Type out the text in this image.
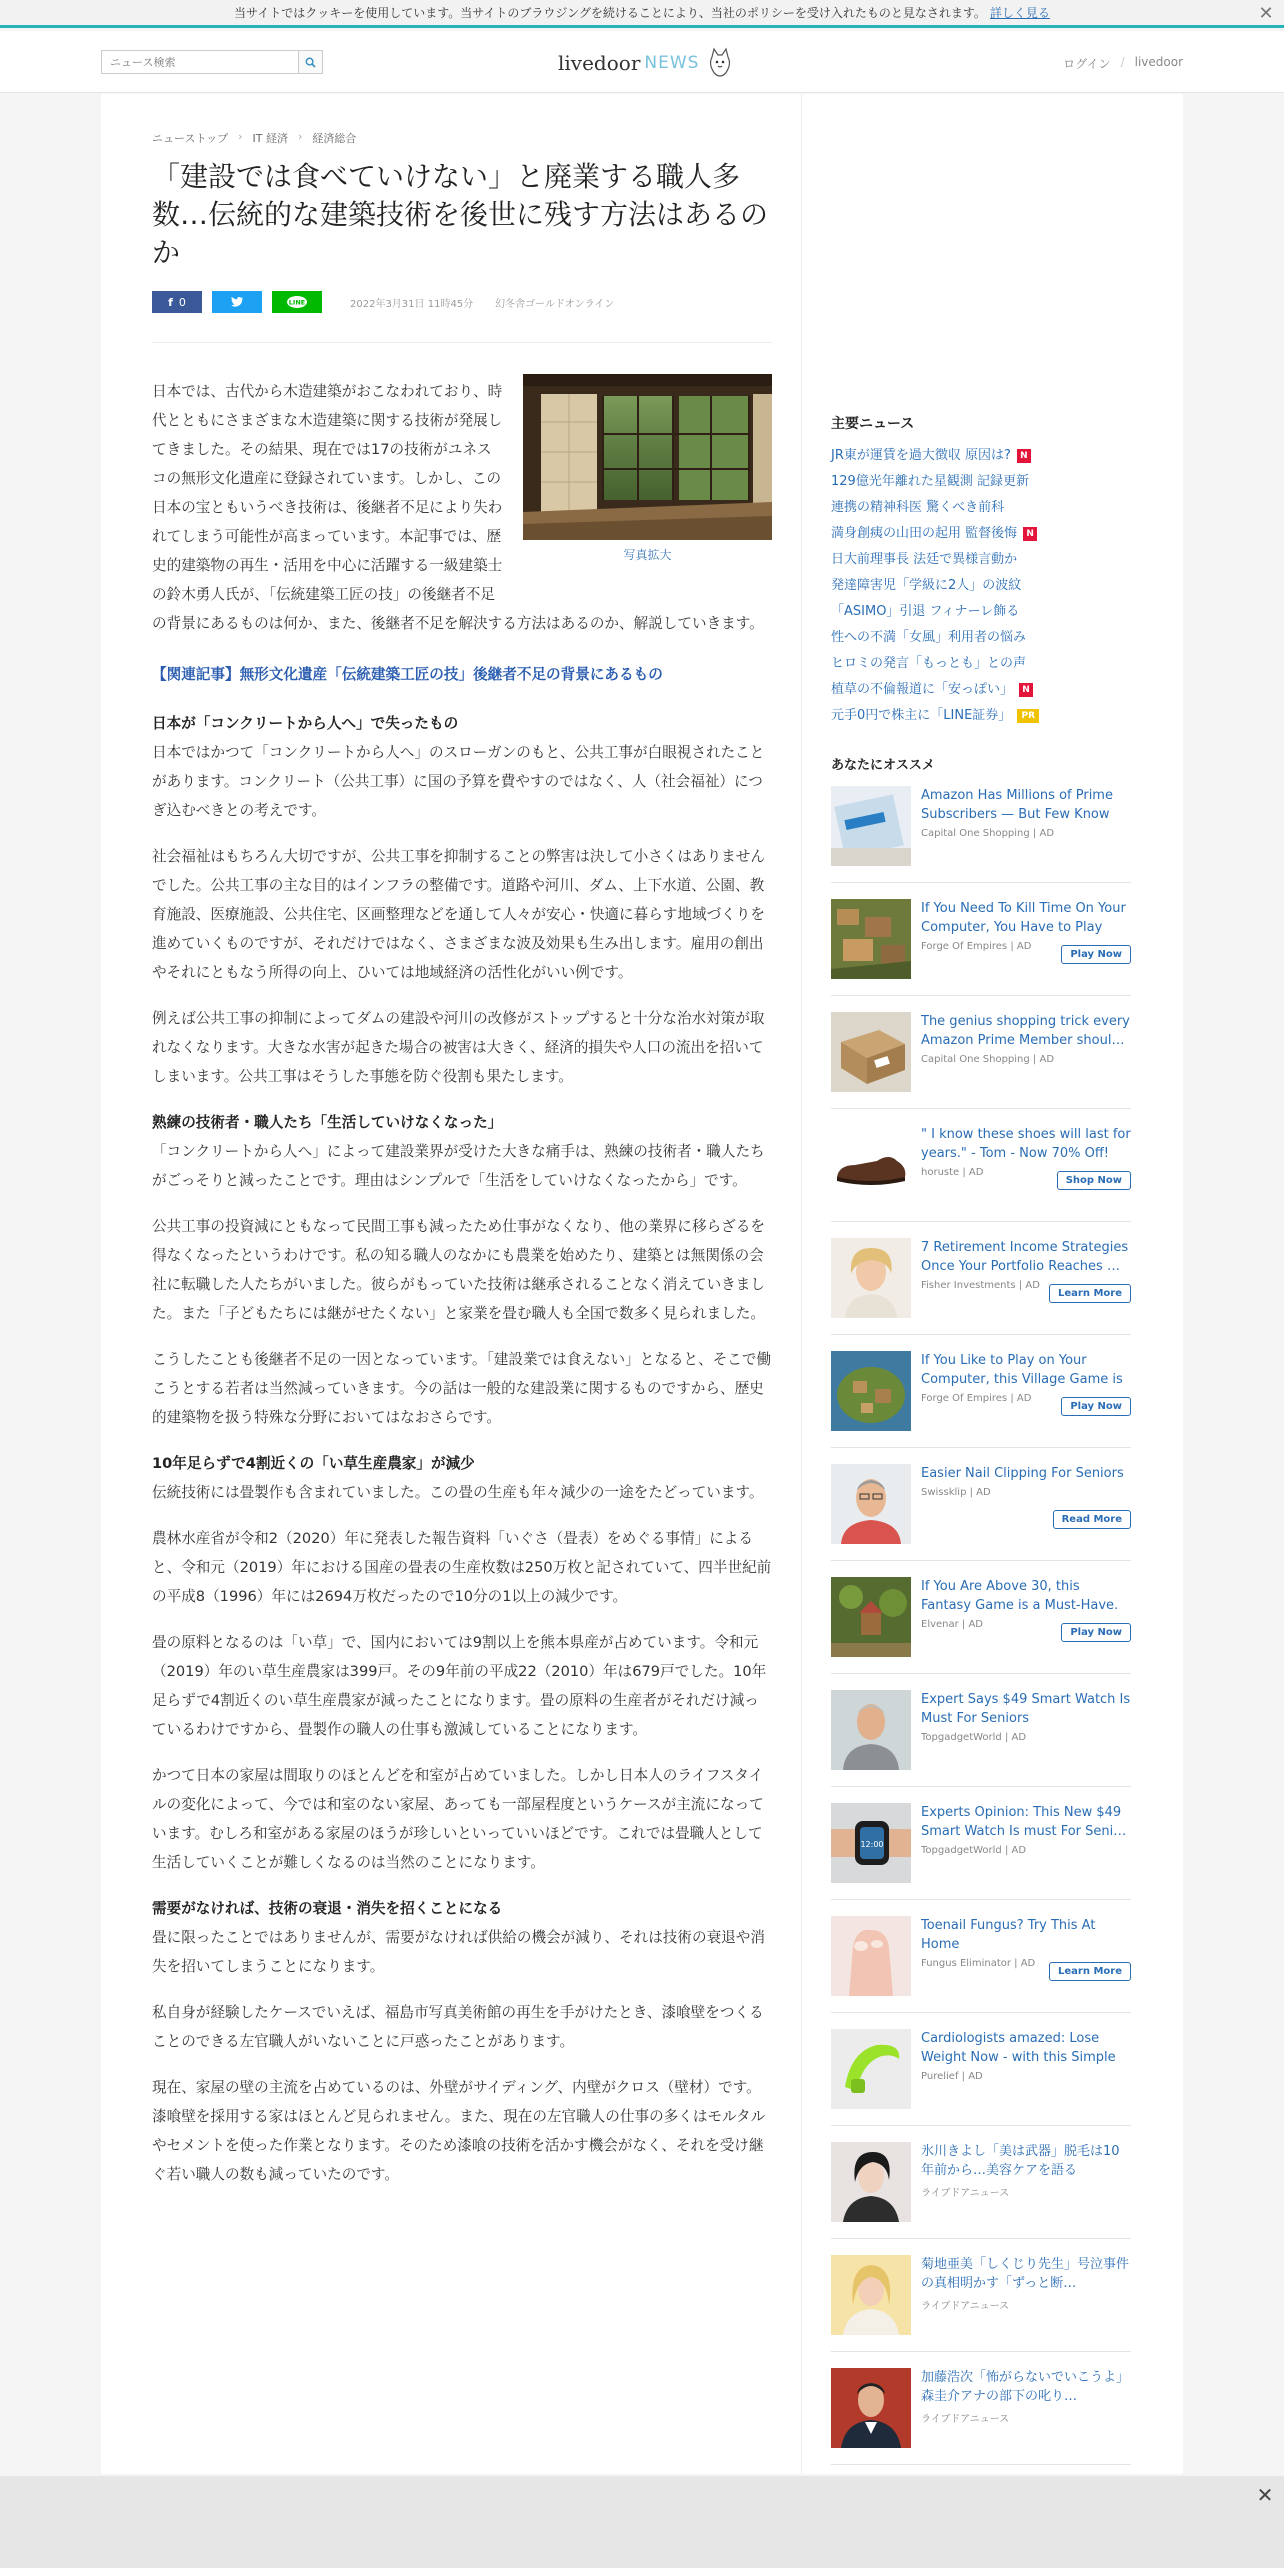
当サイトではクッキーを使用しています。当サイトのブラウジングを続けることにより、当社のポリシーを受け入れたものと見なされます。 詳しく見る	✕
ニュース検索
livedoor NEWS	ログイン / livedoor
ニューストップ › IT 経済 › 経済総合
「建設では食べていけない」と廃業する職人多数…伝統的な建築技術を後世に残す方法はあるのか
f 0	LINE	2022年3月31日 11時45分 幻冬舎ゴールドオンライン
写真拡大

日本では、古代から木造建築がおこなわれており、時代とともにさまざまな木造建築に関する技術が発展してきました。その結果、現在では17の技術がユネスコの無形文化遺産に登録されています。しかし、この日本の宝ともいうべき技術は、後継者不足により失われてしまう可能性が高まっています。本記事では、歴史的建築物の再生・活用を中心に活躍する一級建築士の鈴木勇人氏が、「伝統建築工匠の技」の後継者不足の背景にあるものは何か、また、後継者不足を解決する方法はあるのか、解説していきます。

【関連記事】無形文化遺産「伝統建築工匠の技」後継者不足の背景にあるもの

日本が「コンクリートから人へ」で失ったもの

日本ではかつて「コンクリートから人へ」のスローガンのもと、公共工事が白眼視されたことがあります。コンクリート（公共工事）に国の予算を費やすのではなく、人（社会福祉）につぎ込むべきとの考えです。

社会福祉はもちろん大切ですが、公共工事を抑制することの弊害は決して小さくはありませんでした。公共工事の主な目的はインフラの整備です。道路や河川、ダム、上下水道、公園、教育施設、医療施設、公共住宅、区画整理などを通して人々が安心・快適に暮らす地域づくりを進めていくものですが、それだけではなく、さまざまな波及効果も生み出します。雇用の創出やそれにともなう所得の向上、ひいては地域経済の活性化がいい例です。

例えば公共工事の抑制によってダムの建設や河川の改修がストップすると十分な治水対策が取れなくなります。大きな水害が起きた場合の被害は大きく、経済的損失や人口の流出を招いてしまいます。公共工事はそうした事態を防ぐ役割も果たします。

熟練の技術者・職人たち「生活していけなくなった」

「コンクリートから人へ」によって建設業界が受けた大きな痛手は、熟練の技術者・職人たちがごっそりと減ったことです。理由はシンプルで「生活をしていけなくなったから」です。

公共工事の投資減にともなって民間工事も減ったため仕事がなくなり、他の業界に移らざるを得なくなったというわけです。私の知る職人のなかにも農業を始めたり、建築とは無関係の会社に転職した人たちがいました。彼らがもっていた技術は継承されることなく消えていきました。また「子どもたちには継がせたくない」と家業を畳む職人も全国で数多く見られました。

こうしたことも後継者不足の一因となっています。「建設業では食えない」となると、そこで働こうとする若者は当然減っていきます。今の話は一般的な建設業に関するものですから、歴史的建築物を扱う特殊な分野においてはなおさらです。

10年足らずで4割近くの「い草生産農家」が減少

伝統技術には畳製作も含まれていました。この畳の生産も年々減少の一途をたどっています。

農林水産省が令和2（2020）年に発表した報告資料「いぐさ（畳表）をめぐる事情」によると、令和元（2019）年における国産の畳表の生産枚数は250万枚と記されていて、四半世紀前の平成8（1996）年には2694万枚だったので10分の1以上の減少です。

畳の原料となるのは「い草」で、国内においては9割以上を熊本県産が占めています。令和元（2019）年のい草生産農家は399戸。その9年前の平成22（2010）年は679戸でした。10年足らずで4割近くのい草生産農家が減ったことになります。畳の原料の生産者がそれだけ減っているわけですから、畳製作の職人の仕事も激減していることになります。

かつて日本の家屋は間取りのほとんどを和室が占めていました。しかし日本人のライフスタイルの変化によって、今では和室のない家屋、あっても一部屋程度というケースが主流になっています。むしろ和室がある家屋のほうが珍しいといっていいほどです。これでは畳職人として生活していくことが難しくなるのは当然のことになります。

需要がなければ、技術の衰退・消失を招くことになる

畳に限ったことではありませんが、需要がなければ供給の機会が減り、それは技術の衰退や消失を招いてしまうことになります。

私自身が経験したケースでいえば、福島市写真美術館の再生を手がけたとき、漆喰壁をつくることのできる左官職人がいないことに戸惑ったことがあります。

現在、家屋の壁の主流を占めているのは、外壁がサイディング、内壁がクロス（壁材）です。漆喰壁を採用する家はほとんど見られません。また、現在の左官職人の仕事の多くはモルタルやセメントを使った作業となります。そのため漆喰の技術を活かす機会がなく、それを受け継ぐ若い職人の数も減っていたのです。

主要ニュース
JR東が運賃を過大徴収 原因は?	N
129億光年離れた星観測 記録更新
連携の精神科医 驚くべき前科
満身創痍の山田の起用 監督後悔	N
日大前理事長 法廷で異様言動か
発達障害児「学級に2人」の波紋
「ASIMO」引退 フィナーレ飾る
性への不満「女風」利用者の悩み
ヒロミの発言「もっとも」との声
植草の不倫報道に「安っぽい」	N
元手0円で株主に「LINE証券」	PR
あなたにオススメ
Amazon Has Millions of Prime Subscribers — But Few Know
Capital One Shopping | AD
If You Need To Kill Time On Your Computer, You Have to Play
Forge Of Empires | AD
Play Now
The genius shopping trick every Amazon Prime Member shoul…
Capital One Shopping | AD
" I know these shoes will last for years." - Tom - Now 70% Off!
horuste | AD
Shop Now
7 Retirement Income Strategies Once Your Portfolio Reaches …
Fisher Investments | AD
Learn More
If You Like to Play on Your Computer, this Village Game is
Forge Of Empires | AD
Play Now
Easier Nail Clipping For Seniors
Swissklip | AD
Read More
If You Are Above 30, this Fantasy Game is a Must-Have.
Elvenar | AD
Play Now
Expert Says $49 Smart Watch Is Must For Seniors
TopgadgetWorld | AD
12:00
Experts Opinion: This New $49 Smart Watch Is must For Seni…
TopgadgetWorld | AD
Toenail Fungus? Try This At Home
Fungus Eliminator | AD
Learn More
Cardiologists amazed: Lose Weight Now - with this Simple
Purelief | AD
氷川きよし「美は武器」脱毛は10年前から…美容ケアを語る
ライブドアニュース
菊地亜美「しくじり先生」号泣事件の真相明かす「ずっと断…
ライブドアニュース
加藤浩次「怖がらないでいこうよ」森圭介アナの部下の叱り…
ライブドアニュース
✕
